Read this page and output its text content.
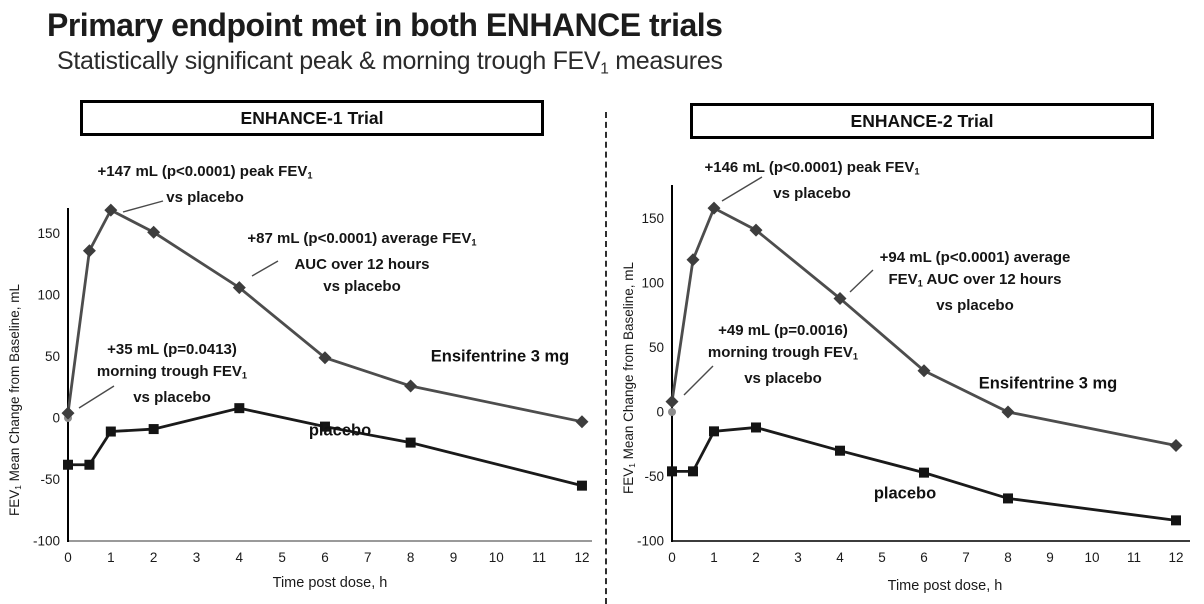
150
100
50
0
-50
-100
0	1	2	3	4	5	6	7	8	9 10 11 12
150
100
50
0
-50
-100
0	1	2	3	4	5	6	7	8	9 10 11 12
Primary endpoint met in both ENHANCE trials
Statistically significant peak & morning trough $FEV_1$ measures
ENHANCE-1 Trial
$FEV_1$ Mean Change from Baseline, mL
Time post dose, h
+147 mL (p<0.0001) peak $FEV_1$
vs placebo
+87 mL (p<0.0001) average $FEV_1$
AUC over 12 hours
vs placebo
+35 mL (p=0.0413)
morning trough $FEV_1$
vs placebo
Ensifentrine 3 mg
placebo
ENHANCE-2 Trial
$FEV_1$ Mean Change from Baseline, mL
Time post dose, h
+146 mL (p<0.0001) peak $FEV_1$
vs placebo
+94 mL (p<0.0001) average
$FEV_1$ AUC over 12 hours
vs placebo
+49 mL (p=0.0016)
morning trough $FEV_1$
vs placebo	Ensifentrine 3 mg
placebo
